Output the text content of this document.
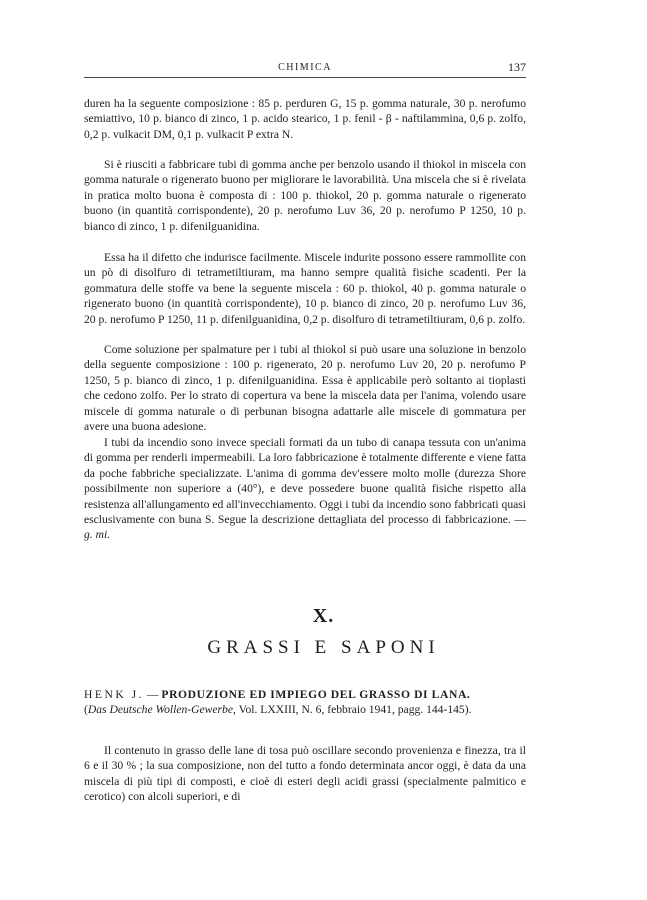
CHIMICA	137

duren ha la seguente composizione : 85 p. perduren G, 15 p. gomma naturale, 30 p. nerofumo semiattivo, 10 p. bianco di zinco, 1 p. acido stearico, 1 p. fenil - β - naftilammina, 0,6 p. zolfo, 0,2 p. vulkacit DM, 0,1 p. vulkacit P extra N.

Si è riusciti a fabbricare tubi di gomma anche per benzolo usando il thiokol in miscela con gomma naturale o rigenerato buono per migliorare le lavorabilità. Una miscela che si è rivelata in pratica molto buona è composta di : 100 p. thiokol, 20 p. gomma naturale o rigenerato buono (in quantità corrispondente), 20 p. nerofumo Luv 36, 20 p. nerofumo P 1250, 10 p. bianco di zinco, 1 p. difenilguanidina.

Essa ha il difetto che indurisce facilmente. Miscele indurite possono essere rammollite con un pò di disolfuro di tetrametiltiuram, ma hanno sempre qualità fisiche scadenti. Per la gommatura delle stoffe va bene la seguente miscela : 60 p. thiokol, 40 p. gomma naturale o rigenerato buono (in quantità corrispondente), 10 p. bianco di zinco, 20 p. nerofumo Luv 36, 20 p. nerofumo P 1250, 11 p. difenilguanidina, 0,2 p. disolfuro di tetrametiltiuram, 0,6 p. zolfo.

Come soluzione per spalmature per i tubi al thiokol si può usare una soluzione in benzolo della seguente composizione : 100 p. rigenerato, 20 p. nerofumo Luv 20, 20 p. nerofumo P 1250, 5 p. bianco di zinco, 1 p. difenilguanidina. Essa è applicabile però soltanto ai tioplasti che cedono zolfo. Per lo strato di copertura va bene la miscela data per l'anima, volendo usare miscele di gomma naturale o di perbunan bisogna adattarle alle miscele di gommatura per avere una buona adesione.

I tubi da incendio sono invece speciali formati da un tubo di canapa tessuta con un'anima di gomma per renderli impermeabili. La loro fabbricazione è totalmente differente e viene fatta da poche fabbriche specializzate. L'anima di gomma dev'essere molto molle (durezza Shore possibilmente non superiore a (40°), e deve possedere buone qualità fisiche rispetto alla resistenza all'allungamento ed all'invecchiamento. Oggi i tubi da incendio sono fabbricati quasi esclusivamente con buna S. Segue la descrizione dettagliata del processo di fabbricazione. — g. mi.

X.
GRASSI E SAPONI

HENK J. — PRODUZIONE ED IMPIEGO DEL GRASSO DI LANA.
(Das Deutsche Wollen-Gewerbe, Vol. LXXIII, N. 6, febbraio 1941, pagg. 144-145).

Il contenuto in grasso delle lane di tosa può oscillare secondo provenienza e finezza, tra il 6 e il 30 % ; la sua composizione, non del tutto a fondo determinata ancor oggi, è data da una miscela di più tipi di composti, e cioè di esteri degli acidi grassi (specialmente palmitico e cerotico) con alcoli superiori, e di
